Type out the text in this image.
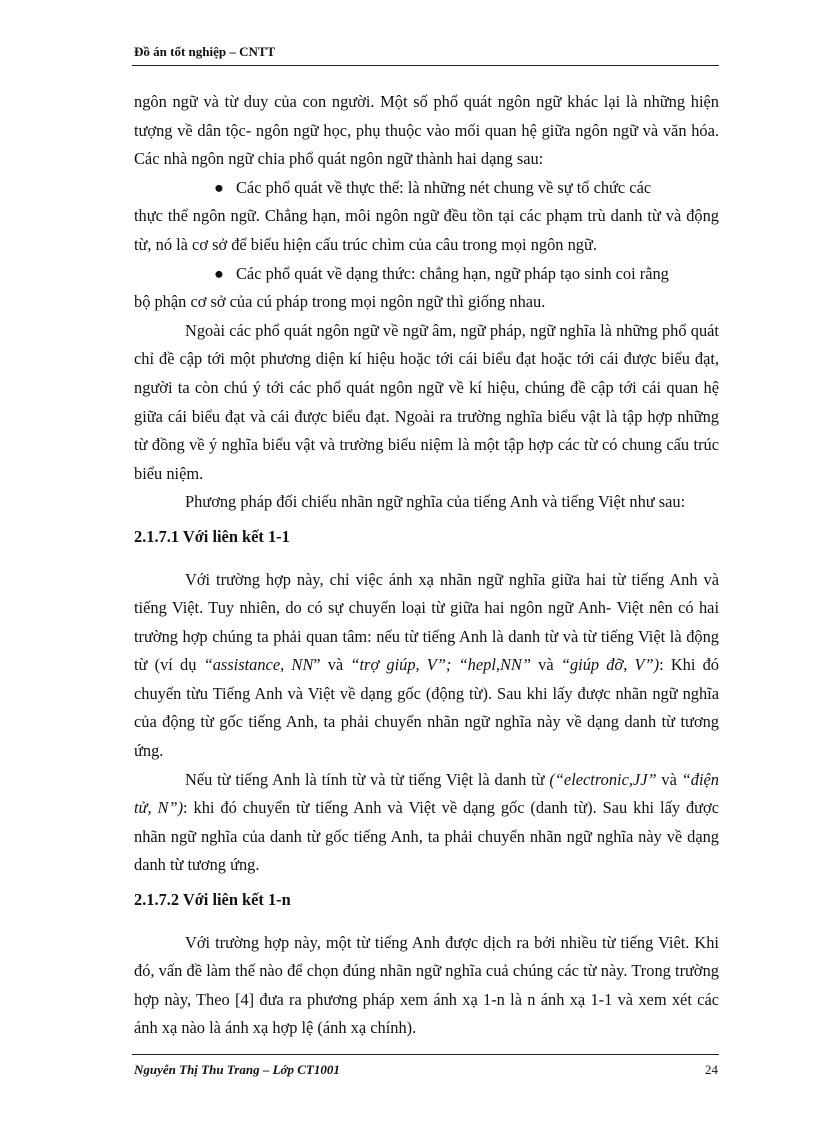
Đồ án tốt nghiệp – CNTT

ngôn ngữ và từ duy của con người. Một số phổ quát ngôn ngữ khác lại là những hiện tượng về dân tộc- ngôn ngữ học, phụ thuộc vào mối quan hệ giữa ngôn ngữ và văn hóa. Các nhà ngôn ngữ chia phổ quát ngôn ngữ thành hai dạng sau:

● Các phổ quát về thực thể: là những nét chung về sự tổ chức các

thực thể ngôn ngữ. Chẳng hạn, môi ngôn ngữ đều tồn tại các phạm trù danh từ và động từ, nó là cơ sở để biểu hiện cấu trúc chìm của câu trong mọi ngôn ngữ.

● Các phổ quát về dạng thức: chẳng hạn, ngữ pháp tạo sinh coi rằng

bộ phận cơ sở của cú pháp trong mọi ngôn ngữ thì giống nhau.

Ngoài các phổ quát ngôn ngữ về ngữ âm, ngữ pháp, ngữ nghĩa là những phổ quát chỉ đề cập tới một phương diện kí hiệu hoặc tới cái biểu đạt hoặc tới cái được biểu đạt, người ta còn chú ý tới các phổ quát ngôn ngữ về kí hiệu, chúng đề cập tới cái quan hệ giữa cái biểu đạt và cái được biểu đạt. Ngoài ra trường nghĩa biểu vật là tập hợp những từ đồng về ý nghĩa biểu vật và trường biểu niệm là một tập hợp các từ có chung cấu trúc biểu niệm.

Phương pháp đối chiếu nhãn ngữ nghĩa của tiếng Anh và tiếng Việt như sau:

2.1.7.1 Với liên kết 1-1

Với trường hợp này, chỉ việc ánh xạ nhãn ngữ nghĩa giữa hai từ tiếng Anh và tiếng Việt. Tuy nhiên, do có sự chuyển loại từ giữa hai ngôn ngữ Anh- Việt nên có hai trường hợp chúng ta phải quan tâm: nếu từ tiếng Anh là danh từ và từ tiếng Việt là động từ (ví dụ “assistance, NN” và “trợ giúp, V”; “hepl,NN” và “giúp đỡ, V”): Khi đó chuyển từu Tiếng Anh và Việt về dạng gốc (động từ). Sau khi lấy được nhãn ngữ nghĩa của động từ gốc tiếng Anh, ta phải chuyển nhãn ngữ nghĩa này về dạng danh từ tương ứng.

Nếu từ tiếng Anh là tính từ và từ tiếng Việt là danh từ (“electronic,JJ” và “điện tử, N”): khi đó chuyển từ tiếng Anh và Việt về dạng gốc (danh từ). Sau khi lấy được nhãn ngữ nghĩa của danh từ gốc tiếng Anh, ta phải chuyển nhãn ngữ nghĩa này về dạng danh từ tương ứng.

2.1.7.2 Với liên kết 1-n

Với trường hợp này, một từ tiếng Anh được dịch ra bởi nhiều từ tiếng Viêt. Khi đó, vấn đề làm thế nào để chọn đúng nhãn ngữ nghĩa cuả chúng các từ này. Trong trường hợp này, Theo [4] đưa ra phương pháp xem ánh xạ 1-n là n ánh xạ 1-1 và xem xét các ánh xạ nào là ánh xạ hợp lệ (ánh xạ chính).

Nguyễn Thị Thu Trang – Lớp CT1001	24
